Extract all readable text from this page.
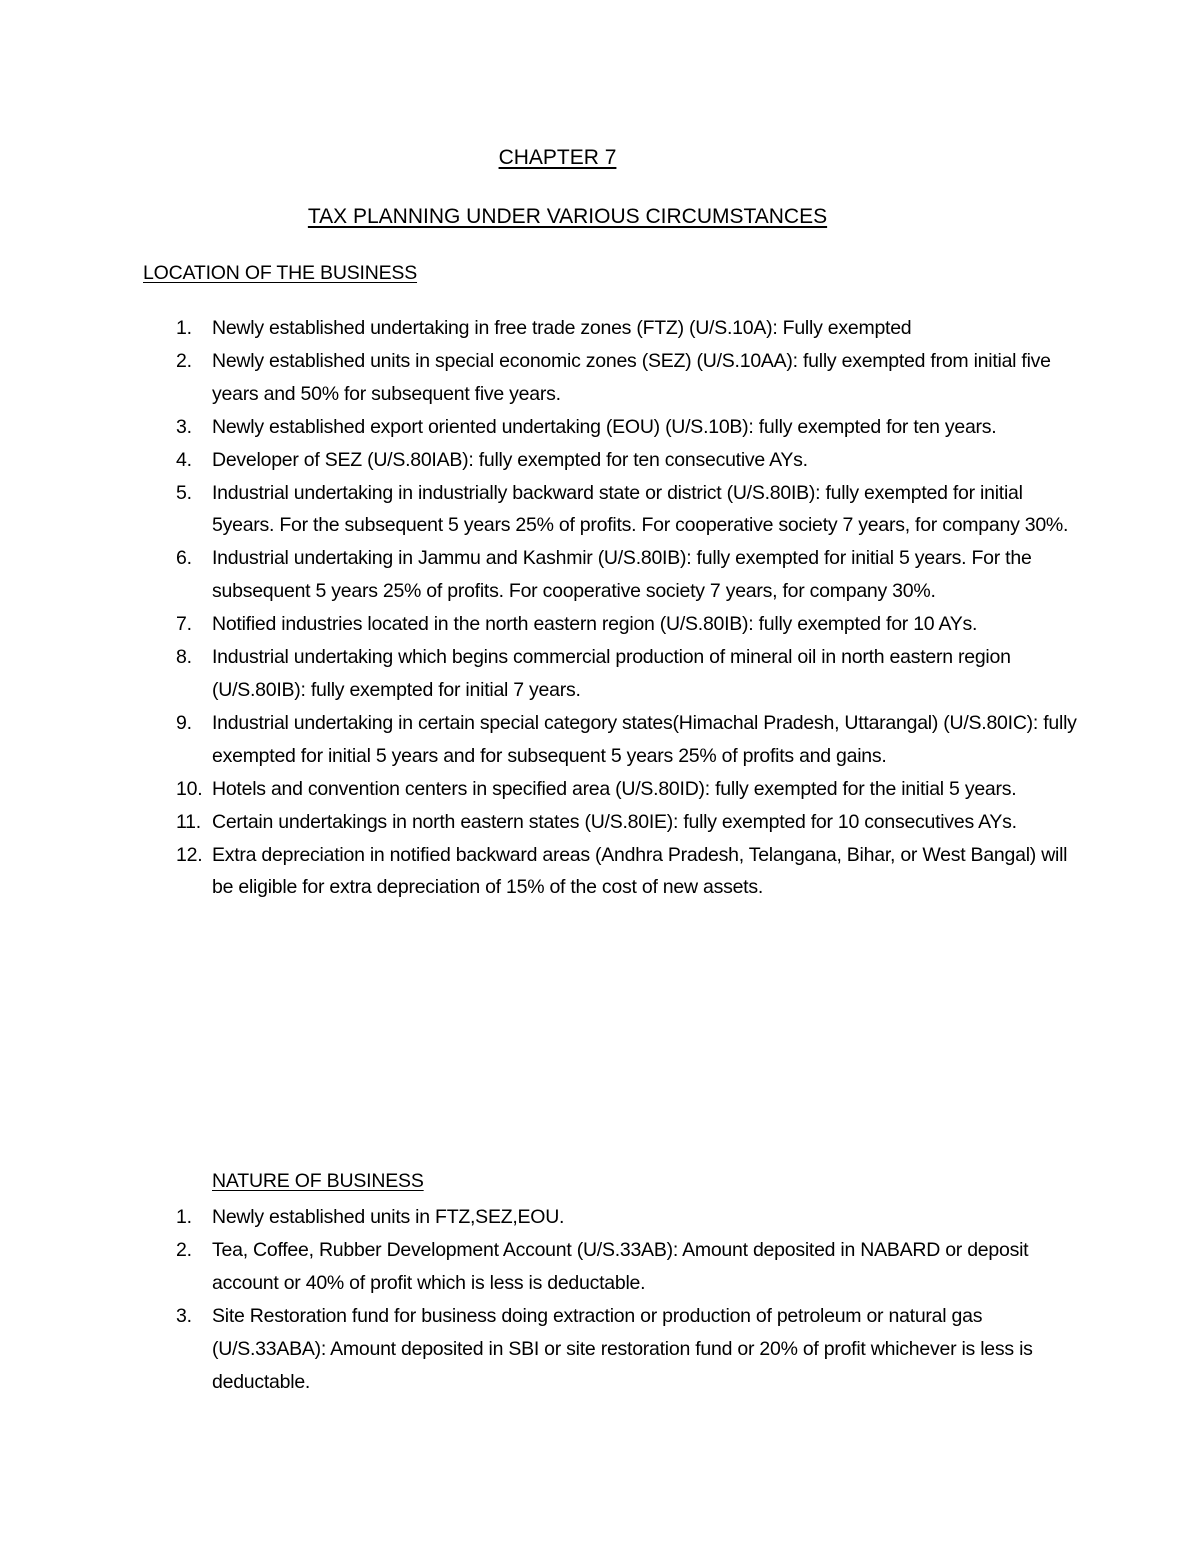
CHAPTER 7
TAX PLANNING UNDER VARIOUS CIRCUMSTANCES
LOCATION OF THE BUSINESS
1. Newly established undertaking in free trade zones (FTZ) (U/S.10A): Fully exempted
2. Newly established units in special economic zones (SEZ) (U/S.10AA): fully exempted from initial five years and 50% for subsequent five years.
3. Newly established export oriented undertaking (EOU) (U/S.10B): fully exempted for ten years.
4. Developer of SEZ (U/S.80IAB): fully exempted for ten consecutive AYs.
5. Industrial undertaking in industrially backward state or district (U/S.80IB): fully exempted for initial 5years. For the subsequent 5 years 25% of profits. For cooperative society 7 years, for company 30%.
6. Industrial undertaking in Jammu and Kashmir (U/S.80IB): fully exempted for initial 5 years. For the subsequent 5 years 25% of profits. For cooperative society 7 years, for company 30%.
7. Notified industries located in the north eastern region (U/S.80IB): fully exempted for 10 AYs.
8. Industrial undertaking which begins commercial production of mineral oil in north eastern region (U/S.80IB): fully exempted for initial 7 years.
9. Industrial undertaking in certain special category states(Himachal Pradesh, Uttarangal) (U/S.80IC): fully exempted for initial 5 years and for subsequent 5 years 25% of profits and gains.
10. Hotels and convention centers in specified area (U/S.80ID): fully exempted for the initial 5 years.
11. Certain undertakings in north eastern states (U/S.80IE): fully exempted for 10 consecutives AYs.
12. Extra depreciation in notified backward areas (Andhra Pradesh, Telangana, Bihar, or West Bangal) will be eligible for extra depreciation of 15% of the cost of new assets.
NATURE OF BUSINESS
1. Newly established units in FTZ,SEZ,EOU.
2. Tea, Coffee, Rubber Development Account (U/S.33AB): Amount deposited in NABARD or deposit account or 40% of profit which is less is deductable.
3. Site Restoration fund for business doing extraction or production of petroleum or natural gas (U/S.33ABA): Amount deposited in SBI or site restoration fund or 20% of profit whichever is less is deductable.
